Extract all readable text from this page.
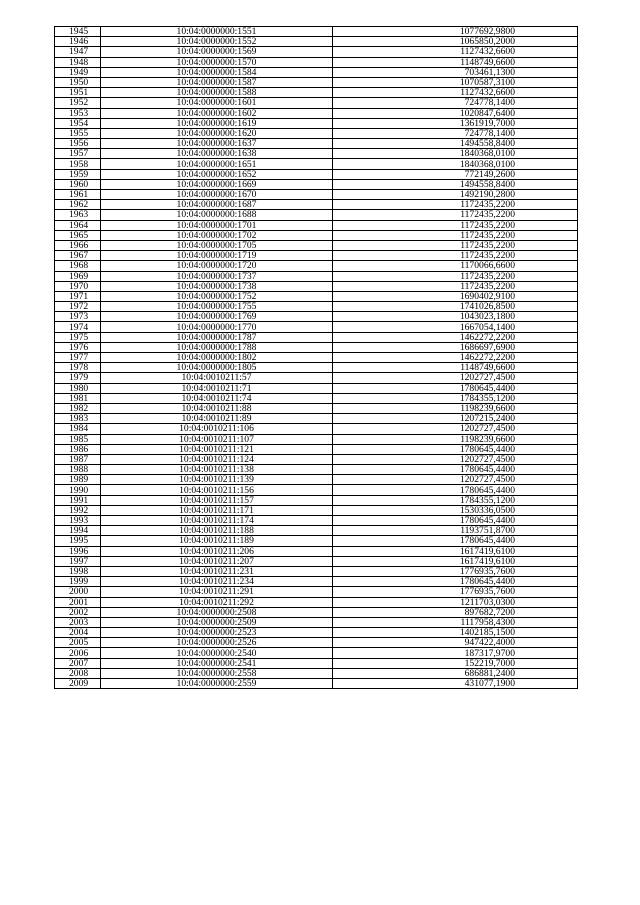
1945	10:04:0000000:1551	1077692,9800
1946	10:04:0000000:1552	1065850,2000
1947	10:04:0000000:1569	1127432,6600
1948	10:04:0000000:1570	1148749,6600
1949	10:04:0000000:1584	703461,1300
1950	10:04:0000000:1587	1070587,3100
1951	10:04:0000000:1588	1127432,6600
1952	10:04:0000000:1601	724778,1400
1953	10:04:0000000:1602	1020847,6400
1954	10:04:0000000:1619	1361919,7000
1955	10:04:0000000:1620	724778,1400
1956	10:04:0000000:1637	1494558,8400
1957	10:04:0000000:1638	1840368,0100
1958	10:04:0000000:1651	1840368,0100
1959	10:04:0000000:1652	772149,2600
1960	10:04:0000000:1669	1494558,8400
1961	10:04:0000000:1670	1492190,2800
1962	10:04:0000000:1687	1172435,2200
1963	10:04:0000000:1688	1172435,2200
1964	10:04:0000000:1701	1172435,2200
1965	10:04:0000000:1702	1172435,2200
1966	10:04:0000000:1705	1172435,2200
1967	10:04:0000000:1719	1172435,2200
1968	10:04:0000000:1720	1170066,6600
1969	10:04:0000000:1737	1172435,2200
1970	10:04:0000000:1738	1172435,2200
1971	10:04:0000000:1752	1690402,9100
1972	10:04:0000000:1755	1741026,8500
1973	10:04:0000000:1769	1043023,1800
1974	10:04:0000000:1770	1667054,1400
1975	10:04:0000000:1787	1462272,2200
1976	10:04:0000000:1788	1686697,6900
1977	10:04:0000000:1802	1462272,2200
1978	10:04:0000000:1805	1148749,6600
1979	10:04:0010211:57	1202727,4500
1980	10:04:0010211:71	1780645,4400
1981	10:04:0010211:74	1784355,1200
1982	10:04:0010211:88	1198239,6600
1983	10:04:0010211:89	1207215,2400
1984	10:04:0010211:106	1202727,4500
1985	10:04:0010211:107	1198239,6600
1986	10:04:0010211:121	1780645,4400
1987	10:04:0010211:124	1202727,4500
1988	10:04:0010211:138	1780645,4400
1989	10:04:0010211:139	1202727,4500
1990	10:04:0010211:156	1780645,4400
1991	10:04:0010211:157	1784355,1200
1992	10:04:0010211:171	1530336,0500
1993	10:04:0010211:174	1780645,4400
1994	10:04:0010211:188	1193751,8700
1995	10:04:0010211:189	1780645,4400
1996	10:04:0010211:206	1617419,6100
1997	10:04:0010211:207	1617419,6100
1998	10:04:0010211:231	1776935,7600
1999	10:04:0010211:234	1780645,4400
2000	10:04:0010211:291	1776935,7600
2001	10:04:0010211:292	1211703,0300
2002	10:04:0000000:2508	897682,7200
2003	10:04:0000000:2509	1117958,4300
2004	10:04:0000000:2523	1402185,1500
2005	10:04:0000000:2526	947422,4000
2006	10:04:0000000:2540	187317,9700
2007	10:04:0000000:2541	152219,7000
2008	10:04:0000000:2558	686881,2400
2009	10:04:0000000:2559	431077,1900
